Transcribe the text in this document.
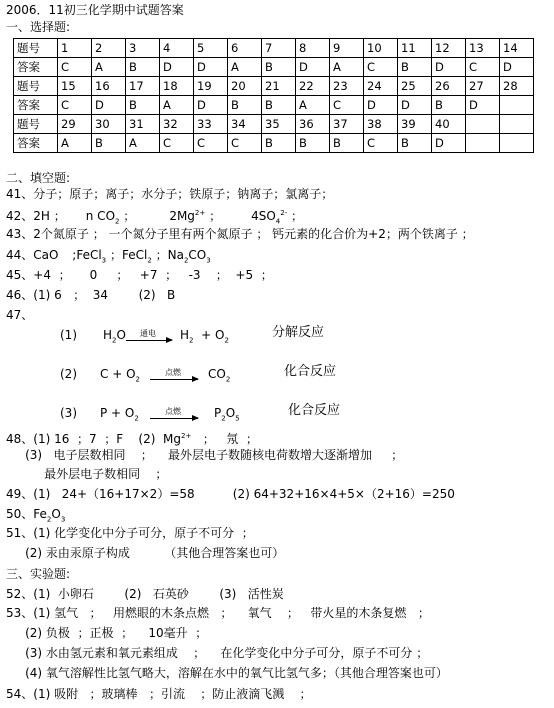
2006．11初三化学期中试题答案
一、选择题:
题号	1	2	3	4	5	6	7	8	9	10	11	12	13	14
答案	C	A	B	D	D	A	B	D	A	C	B	D	C	D
题号	15	16	17	18	19	20	21	22	23	24	25	26	27	28
答案	C	D	B	A	D	B	B	A	C	D	D	B	D	
题号	29	30	31	32	33	34	35	36	37	38	39	40		
答案	A	B	A	C	C	C	B	B	B	C	B	D		
二、填空题:
41、分子；原子；离子；水分子；铁原子；钠离子；氯离子；
42、2H ； n $CO_2$ ；	$2Mg^{2+}$ ；	$4SO_4^{2-}$ ；
43、2个氮原子 ； 一个氮分子里有两个氮原子 ； 钙元素的化合价为+2；两个铁离子 ；
44、CaO ;FeCl$_3$ ；FeCl$_2$ ；$Na_2CO_3$
45、+4  ；     0     ；   +7  ；   -3    ；  +5  ；
46、(1) 6   ；  34        (2)   B
47、
(1) $H_2O$ 通电 → $H_2 + O_2$
分解反应
(2) $C + O_2$
点燃 → $CO_2$
化合反应
(3) $P + O_2$
点燃 → $P_2O_5$
化合反应
48、(1) 16  ；7  ；F    (2)  $Mg^{2+}$   ；   氖  ；
(3)   电子层数相同    ；    最外层电子数随核电荷数增大逐渐增加     ；
最外层电子数相同    ；
49、(1)   24+（16+17×2）=58          (2) 64+32+16×4+5×（2+16）=250
50、$Fe_2O_3$
51、(1) 化学变化中分子可分，原子不可分  ；
(2) 汞由汞原子构成         （其他合理答案也可）
三、实验题:
52、(1)  小卵石        (2)   石英砂        (3)   活性炭
53、(1) 氢气   ；   用燃眼的木条点燃   ；    氧气    ；   带火星的木条复燃   ；
(2) 负极  ；正极  ；    10毫升  ；
(3) 水由氢元素和氧元素组成    ；    在化学变化中分子可分，原子不可分 ；
(4) 氧气溶解性比氢气略大，溶解在水中的氧气比氢气多；（其他合理答案也可）
54、(1) 吸附   ；玻璃棒   ；引流    ；防止液滴飞溅    ；
